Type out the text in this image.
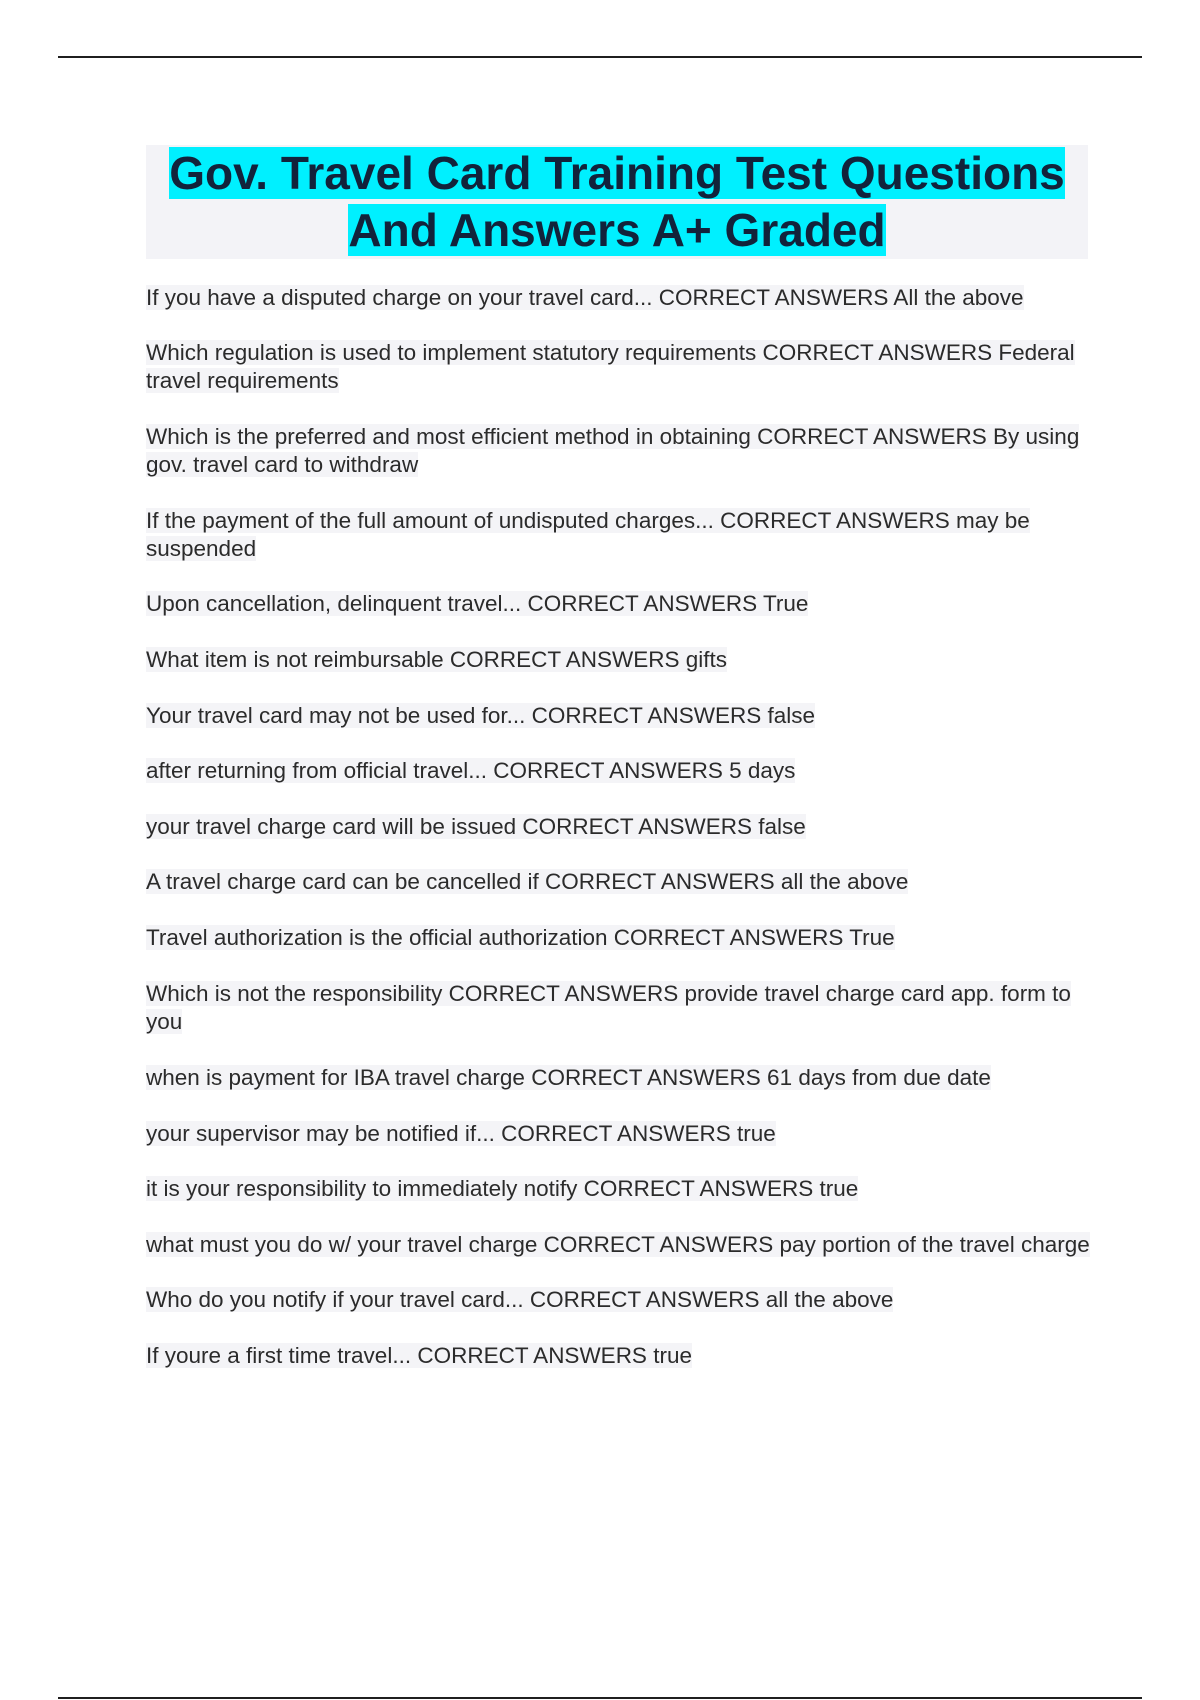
Gov. Travel Card Training Test Questions And Answers A+ Graded
If you have a disputed charge on your travel card... CORRECT ANSWERS All the above
Which regulation is used to implement statutory requirements CORRECT ANSWERS Federal travel requirements
Which is the preferred and most efficient method in obtaining CORRECT ANSWERS By using gov. travel card to withdraw
If the payment of the full amount of undisputed charges... CORRECT ANSWERS may be suspended
Upon cancellation, delinquent travel... CORRECT ANSWERS True
What item is not reimbursable CORRECT ANSWERS gifts
Your travel card may not be used for... CORRECT ANSWERS false
after returning from official travel... CORRECT ANSWERS 5 days
your travel charge card will be issued CORRECT ANSWERS false
A travel charge card can be cancelled if CORRECT ANSWERS all the above
Travel authorization is the official authorization CORRECT ANSWERS True
Which is not the responsibility CORRECT ANSWERS provide travel charge card app. form to you
when is payment for IBA travel charge CORRECT ANSWERS 61 days from due date
your supervisor may be notified if... CORRECT ANSWERS true
it is your responsibility to immediately notify CORRECT ANSWERS true
what must you do w/ your travel charge CORRECT ANSWERS pay portion of the travel charge
Who do you notify if your travel card... CORRECT ANSWERS all the above
If youre a first time travel... CORRECT ANSWERS true
